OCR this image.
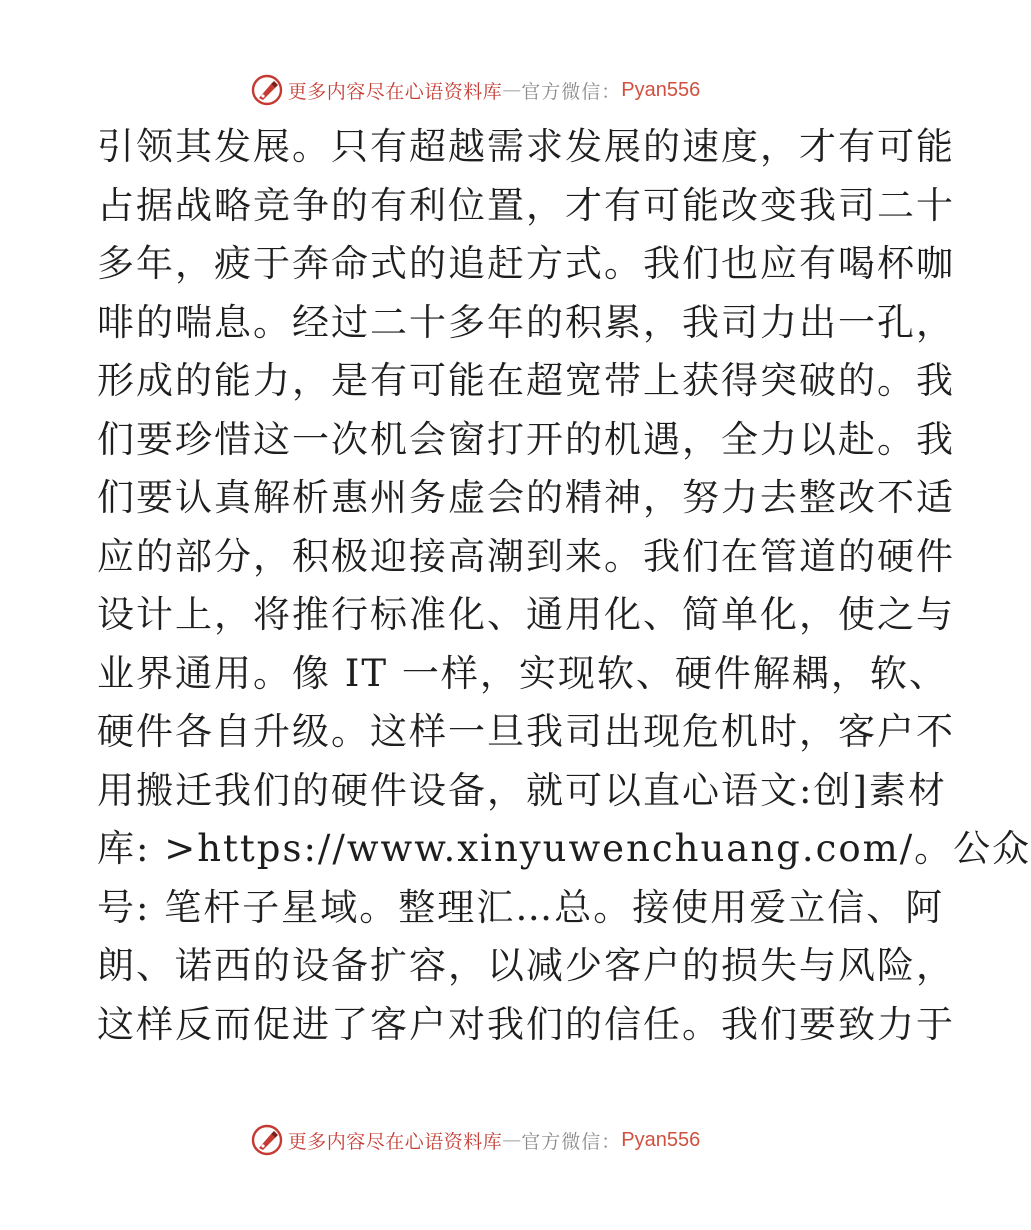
更多内容尽在心语资料库 — 官方微信： Pyan556
引领其发展。只有超越需求发展的速度，才有可能
占据战略竞争的有利位置，才有可能改变我司二十
多年，疲于奔命式的追赶方式。我们也应有喝杯咖
啡的喘息。经过二十多年的积累，我司力出一孔，
形成的能力，是有可能在超宽带上获得突破的。我
们要珍惜这一次机会窗打开的机遇，全力以赴。我
们要认真解析惠州务虚会的精神，努力去整改不适
应的部分，积极迎接高潮到来。我们在管道的硬件
设计上，将推行标准化、通用化、简单化，使之与
业界通用。像 IT 一样，实现软、硬件解耦，软、
硬件各自升级。这样一旦我司出现危机时，客户不
用搬迁我们的硬件设备，就可以直心语文:创]素材
库: >https://www.xinyuwenchuang.com/。公众
号: 笔杆子星域。整理汇…总。接使用爱立信、阿
朗、诺西的设备扩容，以减少客户的损失与风险，
这样反而促进了客户对我们的信任。我们要致力于
更多内容尽在心语资料库 — 官方微信： Pyan556
